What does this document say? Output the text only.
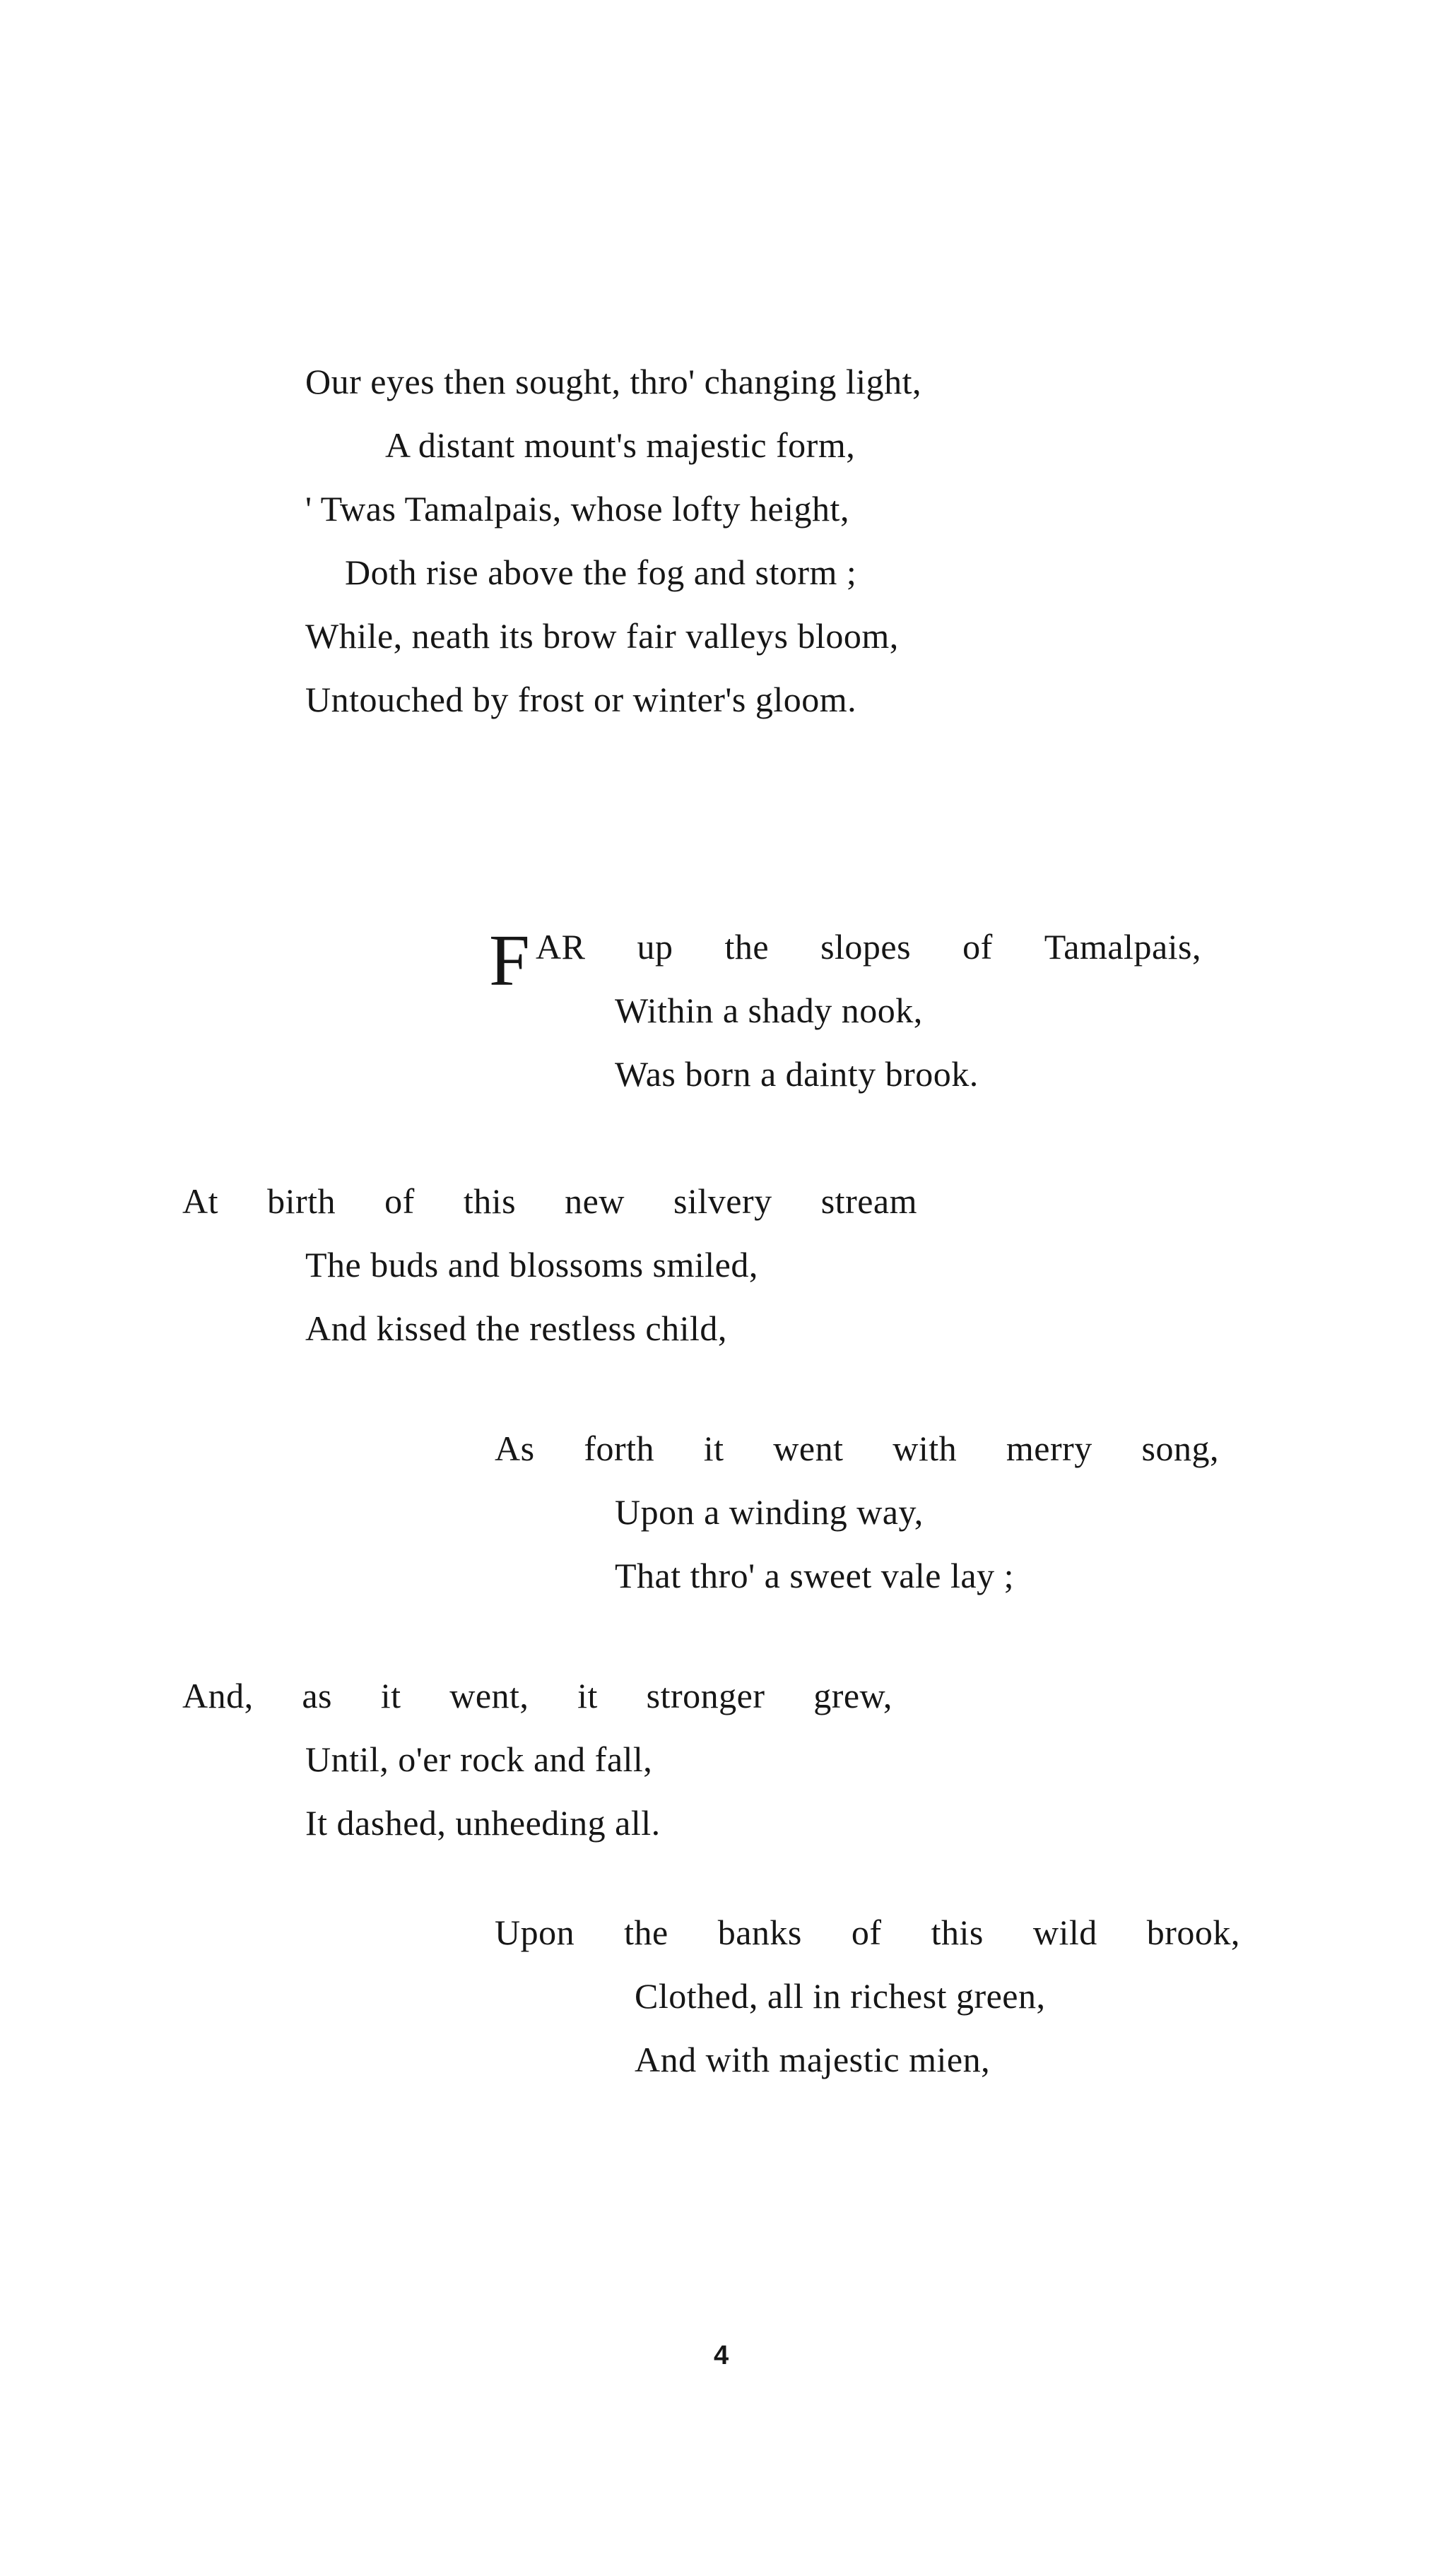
Our eyes then sought, thro' changing light,
A distant mount's majestic form,
' Twas Tamalpais, whose lofty height,
Doth rise above the fog and storm ;
While, neath its brow fair valleys bloom,
Untouched by frost or winter's gloom.
F AR up the slopes of Tamalpais,
Within a shady nook,
Was born a dainty brook.
At birth of this new silvery stream
The buds and blossoms smiled,
And kissed the restless child,
As forth it went with merry song,
Upon a winding way,
That thro' a sweet vale lay ;
And, as it went, it stronger grew,
Until, o'er rock and fall,
It dashed, unheeding all.
Upon the banks of this wild brook,
Clothed, all in richest green,
And with majestic mien,
4
